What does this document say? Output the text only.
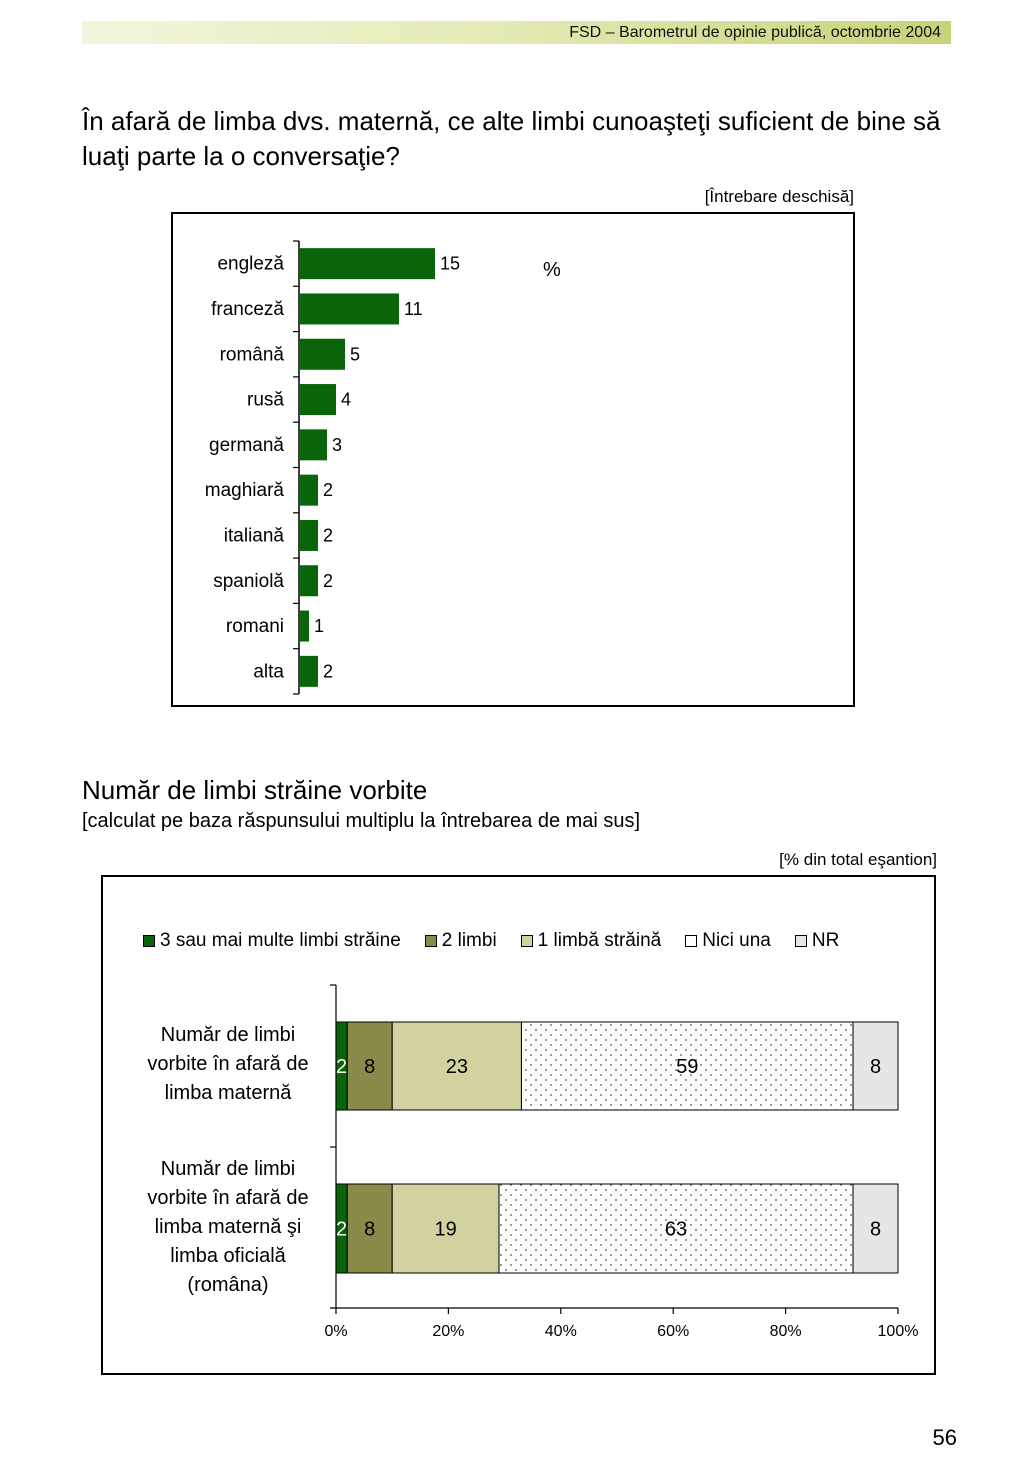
FSD – Barometrul de opinie publică, octombrie 2004
În afară de limba dvs. maternă, ce alte limbi cunoaşteţi suficient de bine să luaţi parte la o conversaţie?
[Întrebare deschisă]
engleză	15
franceză	11
română	5
rusă	4
germană	3
maghiară 2
italiană 2
spaniolă 2
romani 1
alta 2
%
Număr de limbi străine vorbite
[calculat pe baza răspunsului multiplu la întrebarea de mai sus]
[% din total eşantion]
3 sau mai multe limbi străine 2 limbi 1 limbă străină Nici una NR
Număr de limbi
vorbite în afară de
limba maternă
Număr de limbi
vorbite în afară de
limba maternă şi
limba oficială
(româna)
0%	20%	40%	60%	80%	100%
2 8	23	59	8
2 8	19	63	8
56
